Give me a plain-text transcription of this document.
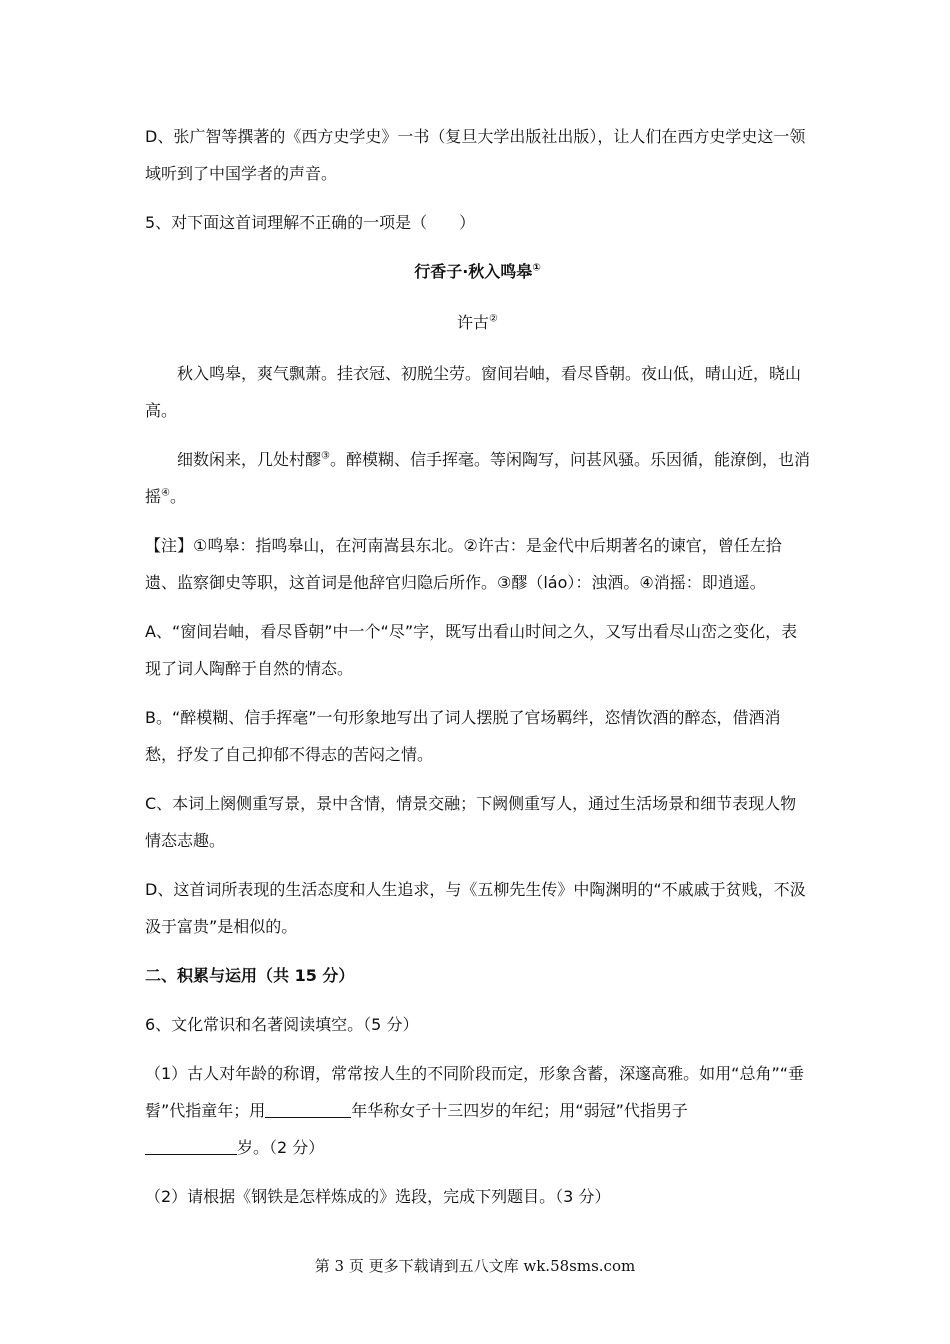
D、张广智等撰著的《西方史学史》一书（复旦大学出版社出版），让人们在西方史学史这一领域听到了中国学者的声音。

5、对下面这首词理解不正确的一项是（　　）

行香子·秋入鸣皋①

许古②

秋入鸣皋，爽气飘萧。挂衣冠、初脱尘劳。窗间岩岫，看尽昏朝。夜山低，晴山近，晓山高。

细数闲来，几处村醪③。醉模糊、信手挥毫。等闲陶写，问甚风骚。乐因循，能潦倒，也消摇④。

【注】①鸣皋：指鸣皋山，在河南嵩县东北。②许古：是金代中后期著名的谏官，曾任左拾遗、监察御史等职，这首词是他辞官归隐后所作。③醪（láo）：浊酒。④消摇：即逍遥。

A、“窗间岩岫，看尽昏朝”中一个“尽”字，既写出看山时间之久，又写出看尽山峦之变化，表现了词人陶醉于自然的情态。

B。“醉模糊、信手挥毫”一句形象地写出了词人摆脱了官场羁绊，恣情饮酒的醉态，借酒消愁，抒发了自己抑郁不得志的苦闷之情。

C、本词上阕侧重写景，景中含情，情景交融；下阙侧重写人，通过生活场景和细节表现人物情态志趣。

D、这首词所表现的生活态度和人生追求，与《五柳先生传》中陶渊明的“不戚戚于贫贱，不汲汲于富贵”是相似的。

二、积累与运用（共 15 分）

6、文化常识和名著阅读填空。（5 分）

（1）古人对年龄的称谓，常常按人生的不同阶段而定，形象含蓄，深邃高雅。如用“总角”“垂髫”代指童年；用	年华称女子十三四岁的年纪；用“弱冠”代指男子
岁。（2 分）

（2）请根据《钢铁是怎样炼成的》选段，完成下列题目。（3 分）

第 3 页 更多下载请到五八文库 wk.58sms.com
